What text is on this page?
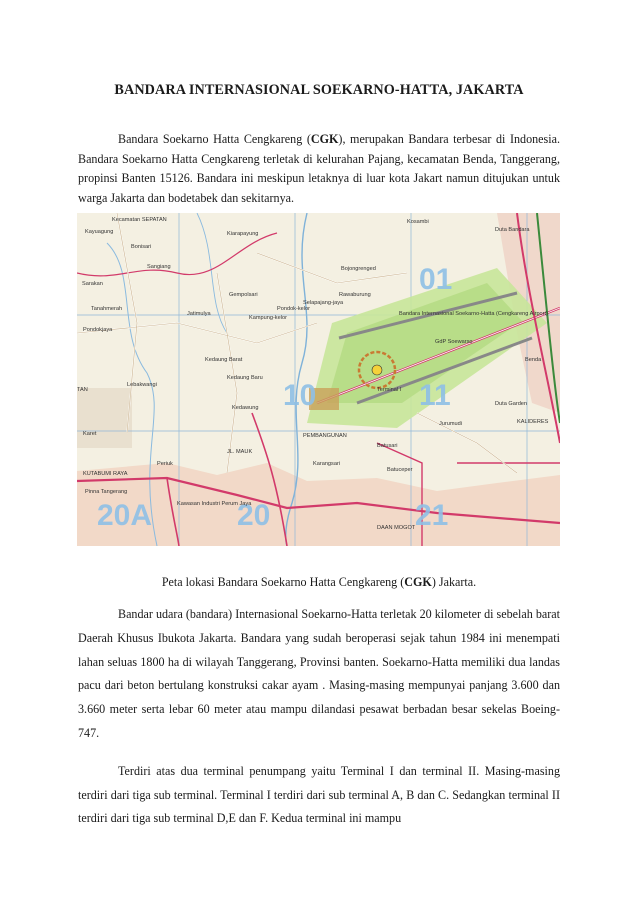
BANDARA INTERNASIONAL SOEKARNO-HATTA, JAKARTA
Bandara Soekarno Hatta Cengkareng (CGK), merupakan Bandara terbesar di Indonesia. Bandara Soekarno Hatta Cengkareng terletak di kelurahan Pajang, kecamatan Benda, Tanggerang, propinsi Banten 15126. Bandara ini meskipun letaknya di luar kota Jakart namun ditujukan untuk warga Jakarta dan bodetabek dan sekitarnya.
01
10	11
20A	20	21
Kecamatan SEPATAN
Kayuagung
Bonisari
Sangiang
Sarakan
Tanahmerah
Pondokjaya
Kiarapayung
Gempolsari
Jatimulya
Pondok-kelor
Kampung-kelor
Selapajang-jaya
Rawaburung
Bojongrenged
Kosambi
Duta Bandara
Bandara Internasional Soekarno-Hatta (Cengkareng Airport)
GdP Soewarso
Benda
Kedaung Barat
Kedaung Baru
Kedawung
Lebakwangi
TAN
Karet
Batusari
Jurumudi
Terminal I
Duta Garden
KALIDERES
KUTABUMI RAYA
Periuk
Pinna Tangerang
Karangsari
Batuceper
DAAN MOGOT
Kawasan Industri Perum Jaya
JL. MAUK
PEMBANGUNAN
Peta lokasi Bandara Soekarno Hatta Cengkareng (CGK) Jakarta.
Bandar udara (bandara) Internasional Soekarno-Hatta terletak 20 kilometer di sebelah barat Daerah Khusus Ibukota Jakarta. Bandara yang sudah beroperasi sejak tahun 1984 ini menempati lahan seluas 1800 ha di wilayah Tanggerang, Provinsi banten. Soekarno-Hatta memiliki dua landas pacu dari beton bertulang konstruksi cakar ayam . Masing-masing mempunyai panjang 3.600 dan 3.660 meter serta lebar 60 meter atau mampu dilandasi pesawat berbadan besar sekelas Boeing-747.
Terdiri atas dua terminal penumpang yaitu Terminal I dan terminal II. Masing-masing terdiri dari tiga sub terminal. Terminal I terdiri dari sub terminal A, B dan C. Sedangkan terminal II terdiri dari tiga sub terminal D,E dan F. Kedua terminal ini mampu
